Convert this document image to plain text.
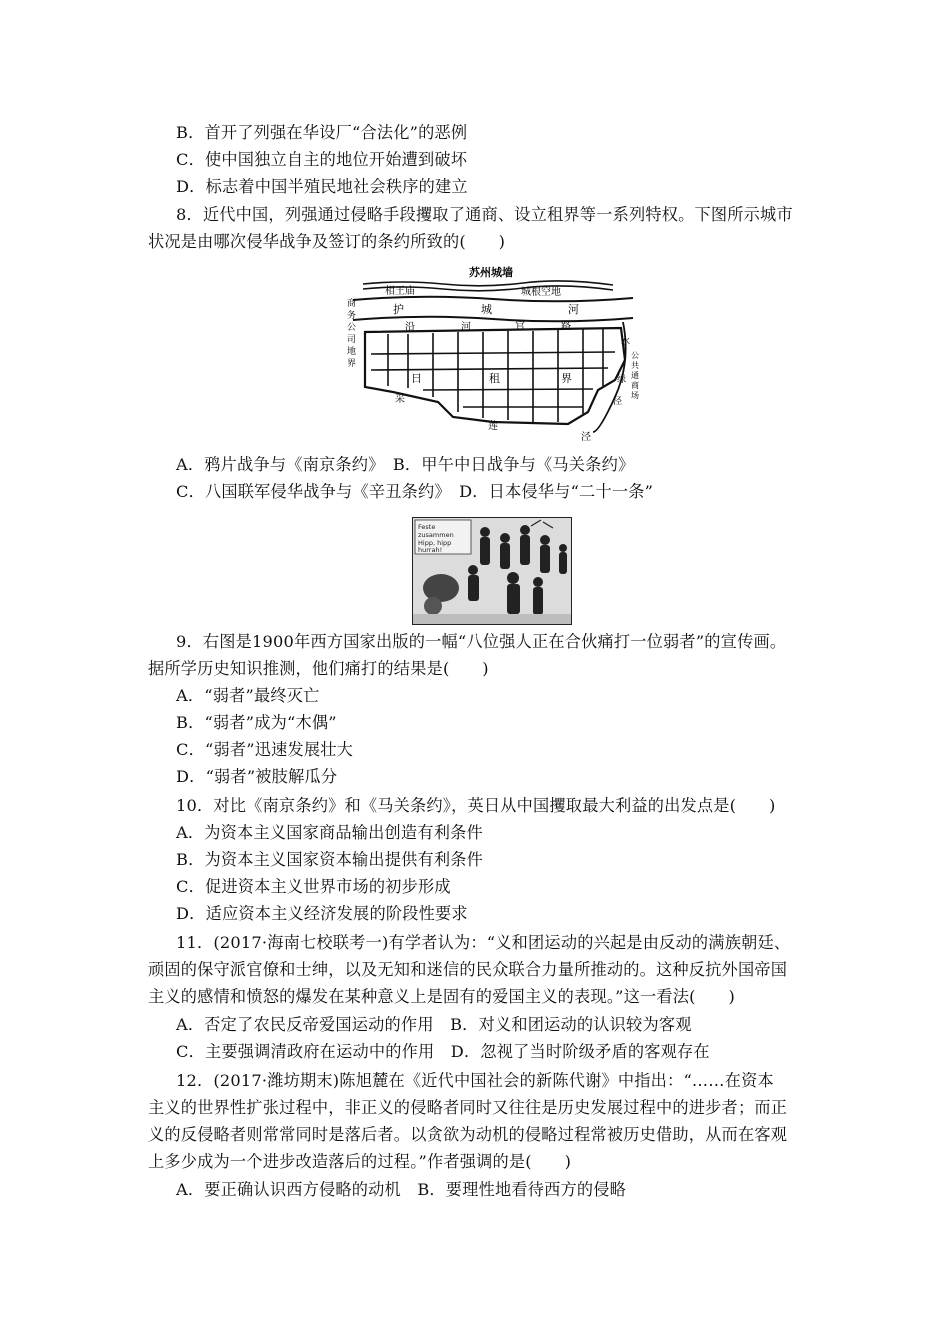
B．首开了列强在华设厂“合法化”的恶例
C．使中国独立自主的地位开始遭到破坏
D．标志着中国半殖民地社会秩序的建立
8．近代中国，列强通过侵略手段攫取了通商、设立租界等一系列特权。下图所示城市
状况是由哪次侵华战争及签订的条约所致的(　　)
苏州城墙
相王庙	城根空地
护	城	河
商
务
公
司
地
界
沿	河	官	路
日	租	界
采
莲
泾
水
绿
泾
公
共
通
商
场
A．鸦片战争与《南京条约》　B．甲午中日战争与《马关条约》
C．八国联军侵华战争与《辛丑条约》　D．日本侵华与“二十一条”
Feste
zusammen
Hipp, hipp
hurrah!
9．右图是1900年西方国家出版的一幅“八位强人正在合伙痛打一位弱者”的宣传画。
据所学历史知识推测，他们痛打的结果是(　　)
A．“弱者”最终灭亡
B．“弱者”成为“木偶”
C．“弱者”迅速发展壮大
D．“弱者”被肢解瓜分
10．对比《南京条约》和《马关条约》，英日从中国攫取最大利益的出发点是(　　)
A．为资本主义国家商品输出创造有利条件
B．为资本主义国家资本输出提供有利条件
C．促进资本主义世界市场的初步形成
D．适应资本主义经济发展的阶段性要求
11．(2017·海南七校联考一)有学者认为：“义和团运动的兴起是由反动的满族朝廷、
顽固的保守派官僚和士绅，以及无知和迷信的民众联合力量所推动的。这种反抗外国帝国
主义的感情和愤怒的爆发在某种意义上是固有的爱国主义的表现。”这一看法(　　)
A．否定了农民反帝爱国运动的作用　B．对义和团运动的认识较为客观
C．主要强调清政府在运动中的作用　D．忽视了当时阶级矛盾的客观存在
12．(2017·潍坊期末)陈旭麓在《近代中国社会的新陈代谢》中指出：“……在资本
主义的世界性扩张过程中，非正义的侵略者同时又往往是历史发展过程中的进步者；而正
义的反侵略者则常常同时是落后者。以贪欲为动机的侵略过程常被历史借助，从而在客观
上多少成为一个进步改造落后的过程。”作者强调的是(　　)
A．要正确认识西方侵略的动机　B．要理性地看待西方的侵略
